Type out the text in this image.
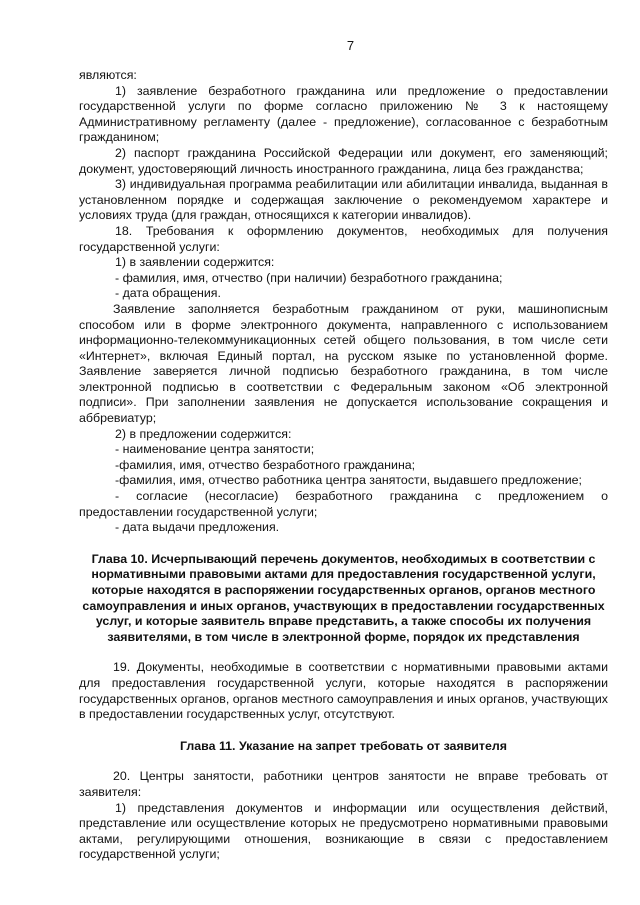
7

являются:

1) заявление безработного гражданина или предложение о предоставлении государственной услуги по форме согласно приложению № 3 к настоящему Административному регламенту (далее - предложение), согласованное с безработным гражданином;

2) паспорт гражданина Российской Федерации или документ, его заменяющий; документ, удостоверяющий личность иностранного гражданина, лица без гражданства;

3) индивидуальная программа реабилитации или абилитации инвалида, выданная в установленном порядке и содержащая заключение о рекомендуемом характере и условиях труда (для граждан, относящихся к категории инвалидов).

18. Требования к оформлению документов, необходимых для получения государственной услуги:

1) в заявлении содержится:

- фамилия, имя, отчество (при наличии) безработного гражданина;

- дата обращения.

Заявление заполняется безработным гражданином от руки, машинописным способом или в форме электронного документа, направленного с использованием информационно-телекоммуникационных сетей общего пользования, в том числе сети «Интернет», включая Единый портал, на русском языке по установленной форме. Заявление заверяется личной подписью безработного гражданина, в том числе электронной подписью в соответствии с Федеральным законом «Об электронной подписи». При заполнении заявления не допускается использование сокращения и аббревиатур;

2) в предложении содержится:

- наименование центра занятости;

-фамилия, имя, отчество безработного гражданина;

-фамилия, имя, отчество работника центра занятости, выдавшего предложение;

- согласие (несогласие) безработного гражданина с предложением о предоставлении государственной услуги;

- дата выдачи предложения.

Глава 10. Исчерпывающий перечень документов, необходимых в соответствии с нормативными правовыми актами для предоставления государственной услуги, которые находятся в распоряжении государственных органов, органов местного самоуправления и иных органов, участвующих в предоставлении государственных услуг, и которые заявитель вправе представить, а также способы их получения заявителями, в том числе в электронной форме, порядок их представления

19. Документы, необходимые в соответствии с нормативными правовыми актами для предоставления государственной услуги, которые находятся в распоряжении государственных органов, органов местного самоуправления и иных органов, участвующих в предоставлении государственных услуг, отсутствуют.

Глава 11. Указание на запрет требовать от заявителя

20. Центры занятости, работники центров занятости не вправе требовать от заявителя:

1) представления документов и информации или осуществления действий, представление или осуществление которых не предусмотрено нормативными правовыми актами, регулирующими отношения, возникающие в связи с предоставлением государственной услуги;
